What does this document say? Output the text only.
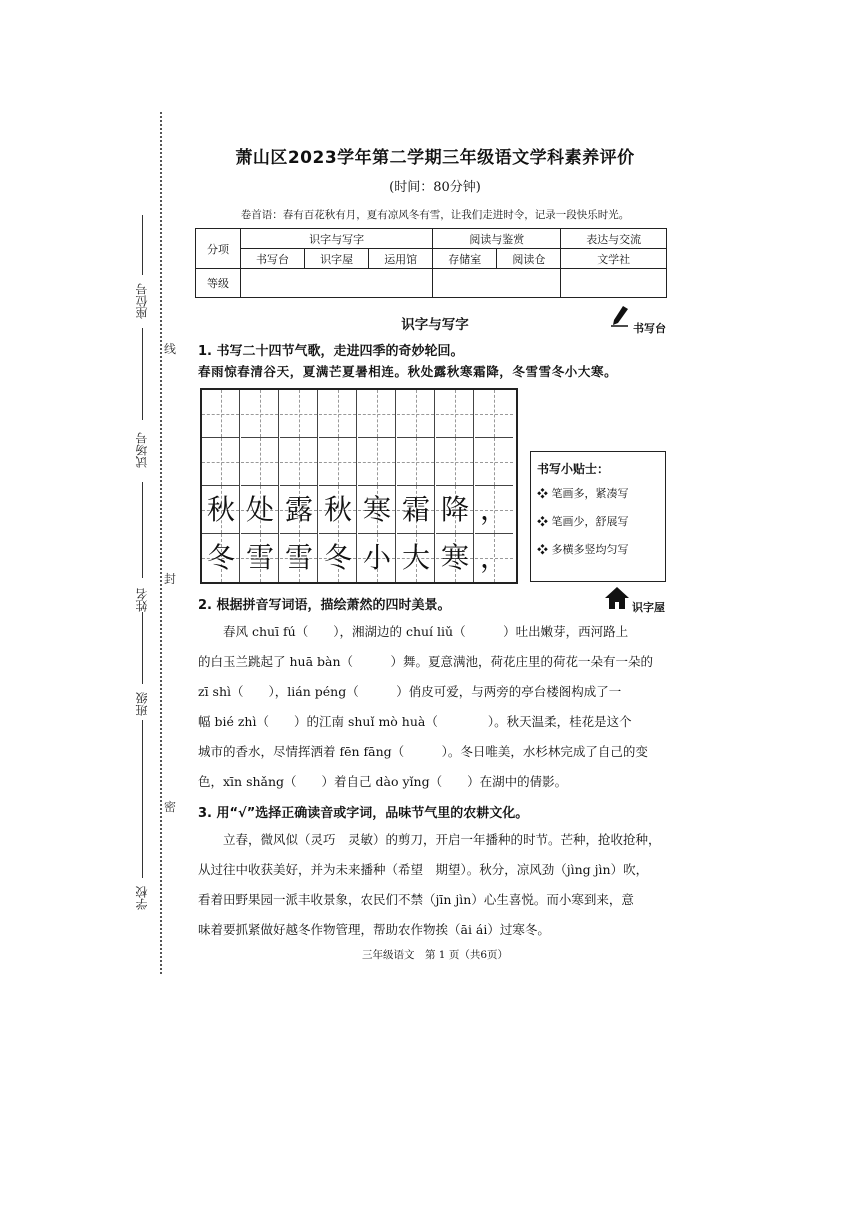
座位号
试场号
姓名
班级
学校
线
封
密
萧山区2023学年第二学期三年级语文学科素养评价
(时间：80分钟)
卷首语：春有百花秋有月，夏有凉风冬有雪，让我们走进时令，记录一段快乐时光。
分项	识字与写字			阅读与鉴赏		表达与交流
	书写台	识字屋	运用馆	存储室	阅读仓	文学社
等级						
识字与写字	书写台
1. 书写二十四节气歌，走进四季的奇妙轮回。
春雨惊春清谷天，夏满芒夏暑相连。秋处露秋寒霜降，冬雪雪冬小大寒。
秋 处 露 秋 寒 霜 降 ，
冬 雪 雪 冬 小 大 寒 ，
书写小贴士：
❖ 笔画多，紧凑写
❖ 笔画少，舒展写
❖ 多横多竖均匀写
2. 根据拼音写词语，描绘萧然的四时美景。	识字屋
　　春风 chuī fú（　　），湘湖边的 chuí liǔ（　　　）吐出嫩芽，西河路上
的白玉兰跳起了 huā bàn（　　　）舞。夏意满池，荷花庄里的荷花一朵有一朵的
zī shì（　　），lián péng（　　　）俏皮可爱，与两旁的亭台楼阁构成了一
幅 bié zhì（　　）的江南 shuǐ mò huà（　　　　）。秋天温柔，桂花是这个
城市的香水，尽情挥洒着 fēn fāng（　　　）。冬日唯美，水杉林完成了自己的变
色，xīn shǎng（　　）着自己 dào yǐng（　　）在湖中的倩影。
3. 用“√”选择正确读音或字词，品味节气里的农耕文化。
　　立春，微风似（灵巧　灵敏）的剪刀，开启一年播种的时节。芒种，抢收抢种，
从过往中收获美好，并为未来播种（希望　期望）。秋分，凉风劲（jìng jìn）吹，
看着田野果园一派丰收景象，农民们不禁（jīn jìn）心生喜悦。而小寒到来，意
味着要抓紧做好越冬作物管理，帮助农作物挨（āi ái）过寒冬。
三年级语文　第 1 页（共6页）
